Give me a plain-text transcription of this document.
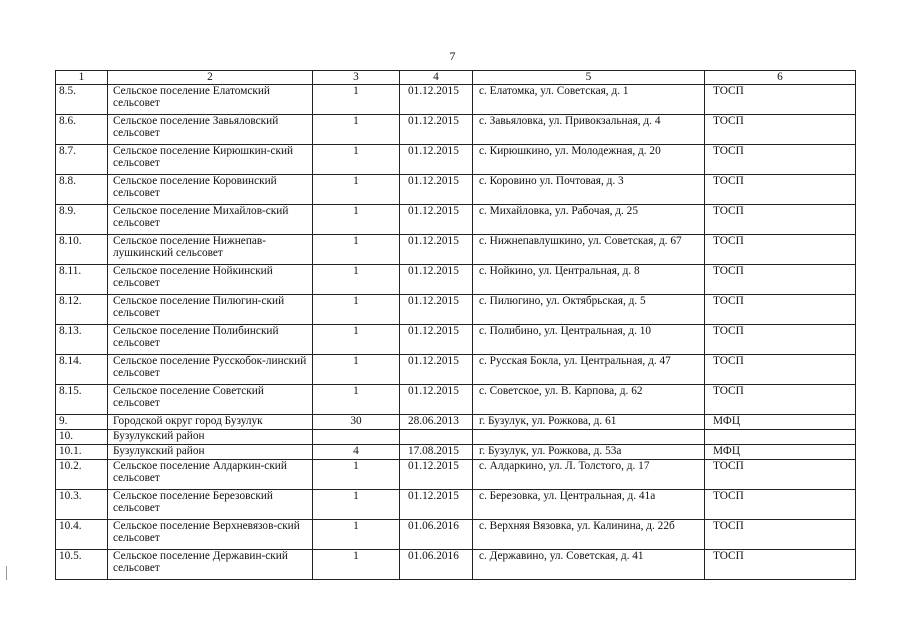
7
1	2	3	4	5	6
8.5.	Сельское поселение Елатомский сельсовет	1	01.12.2015	с. Елатомка, ул. Советская, д. 1	ТОСП
8.6.	Сельское поселение Завьяловский сельсовет	1	01.12.2015	с. Завьяловка, ул. Привокзальная, д. 4	ТОСП
8.7.	Сельское поселение Кирюшкин-ский сельсовет	1	01.12.2015	с. Кирюшкино, ул. Молодежная, д. 20	ТОСП
8.8.	Сельское поселение Коровинский сельсовет	1	01.12.2015	с. Коровино ул. Почтовая, д. 3	ТОСП
8.9.	Сельское поселение Михайлов-ский сельсовет	1	01.12.2015	с. Михайловка, ул. Рабочая, д. 25	ТОСП
8.10.	Сельское поселение Нижнепав-лушкинский сельсовет	1	01.12.2015	с. Нижнепавлушкино, ул. Советская, д. 67	ТОСП
8.11.	Сельское поселение Нойкинский сельсовет	1	01.12.2015	с. Нойкино, ул. Центральная, д. 8	ТОСП
8.12.	Сельское поселение Пилюгин-ский сельсовет	1	01.12.2015	с. Пилюгино, ул. Октябрьская, д. 5	ТОСП
8.13.	Сельское поселение Полибинский сельсовет	1	01.12.2015	с. Полибино, ул. Центральная, д. 10	ТОСП
8.14.	Сельское поселение Русскобок-линский сельсовет	1	01.12.2015	с. Русская Бокла, ул. Центральная, д. 47	ТОСП
8.15.	Сельское поселение Советский сельсовет	1	01.12.2015	с. Советское, ул. В. Карпова, д. 62	ТОСП
9.	Городской округ город Бузулук	30	28.06.2013	г. Бузулук, ул. Рожкова, д. 61	МФЦ
10.	Бузулукский район				
10.1.	Бузулукский район	4	17.08.2015	г. Бузулук, ул. Рожкова, д. 53а	МФЦ
10.2.	Сельское поселение Алдаркин-ский сельсовет	1	01.12.2015	с. Алдаркино, ул. Л. Толстого, д. 17	ТОСП
10.3.	Сельское поселение Березовский сельсовет	1	01.12.2015	с. Березовка, ул. Центральная, д. 41а	ТОСП
10.4.	Сельское поселение Верхневязов-ский сельсовет	1	01.06.2016	с. Верхняя Вязовка, ул. Калинина, д. 22б	ТОСП
10.5.	Сельское поселение Державин-ский сельсовет	1	01.06.2016	с. Державино, ул. Советская, д. 41	ТОСП
